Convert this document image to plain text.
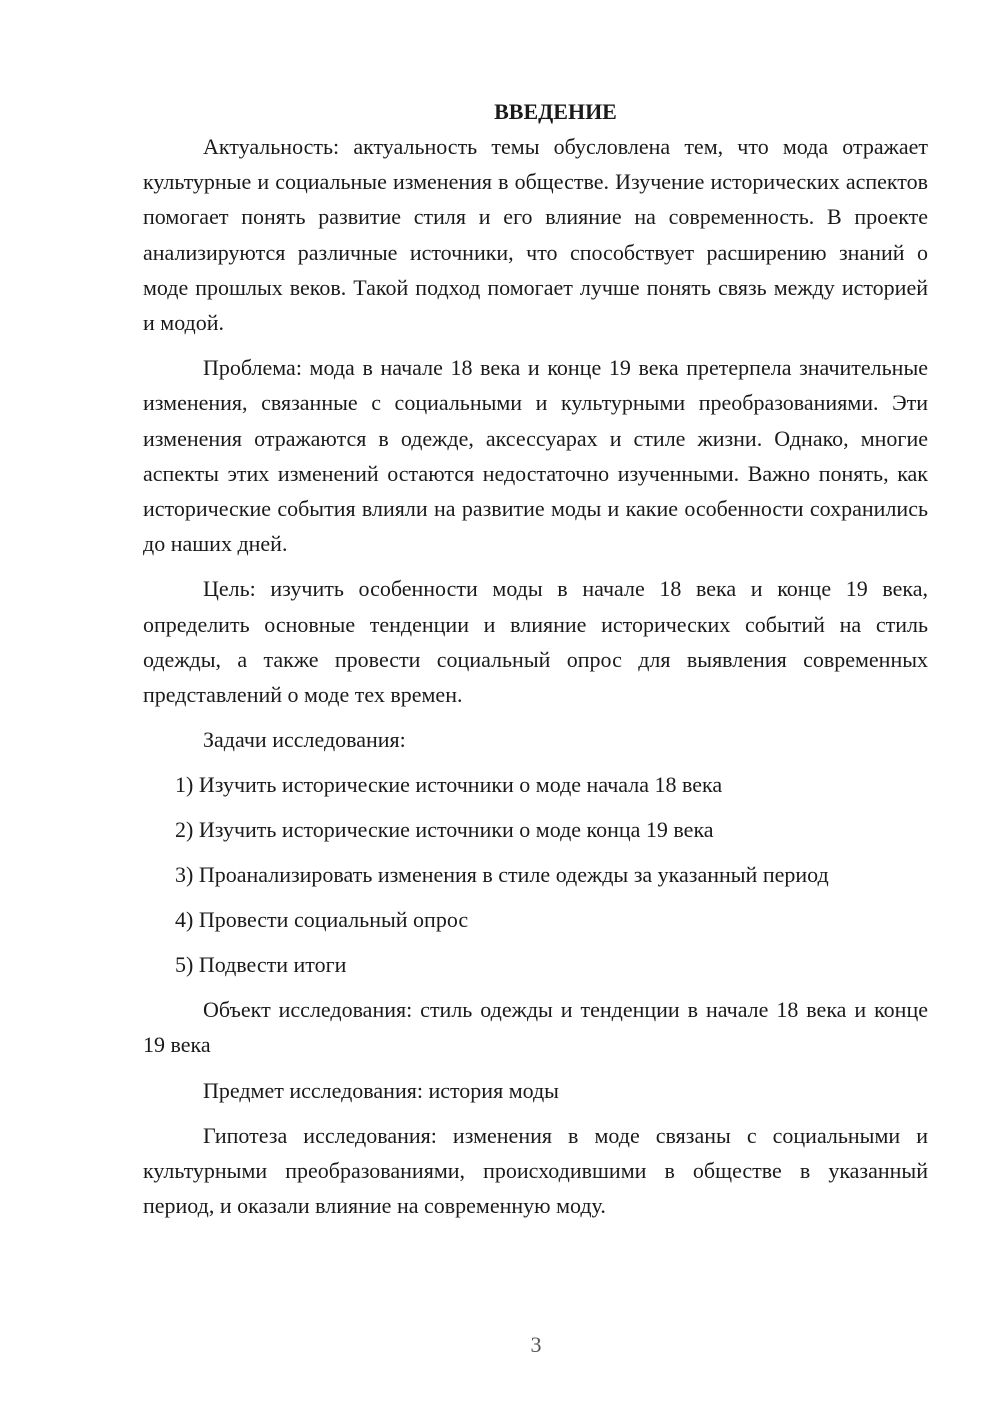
ВВЕДЕНИЕ

Актуальность: актуальность темы обусловлена тем, что мода отражает культурные и социальные изменения в обществе. Изучение исторических аспектов помогает понять развитие стиля и его влияние на современность. В проекте анализируются различные источники, что способствует расширению знаний о моде прошлых веков. Такой подход помогает лучше понять связь между историей и модой.

Проблема: мода в начале 18 века и конце 19 века претерпела значительные изменения, связанные с социальными и культурными преобразованиями. Эти изменения отражаются в одежде, аксессуарах и стиле жизни. Однако, многие аспекты этих изменений остаются недостаточно изученными. Важно понять, как исторические события влияли на развитие моды и какие особенности сохранились до наших дней.

Цель: изучить особенности моды в начале 18 века и конце 19 века, определить основные тенденции и влияние исторических событий на стиль одежды, а также провести социальный опрос для выявления современных представлений о моде тех времен.

Задачи исследования:

1) Изучить исторические источники о моде начала 18 века
2) Изучить исторические источники о моде конца 19 века
3) Проанализировать изменения в стиле одежды за указанный период
4) Провести социальный опрос
5) Подвести итоги

Объект исследования: стиль одежды и тенденции в начале 18 века и конце 19 века

Предмет исследования: история моды

Гипотеза исследования: изменения в моде связаны с социальными и культурными преобразованиями, происходившими в обществе в указанный период, и оказали влияние на современную моду.

3
